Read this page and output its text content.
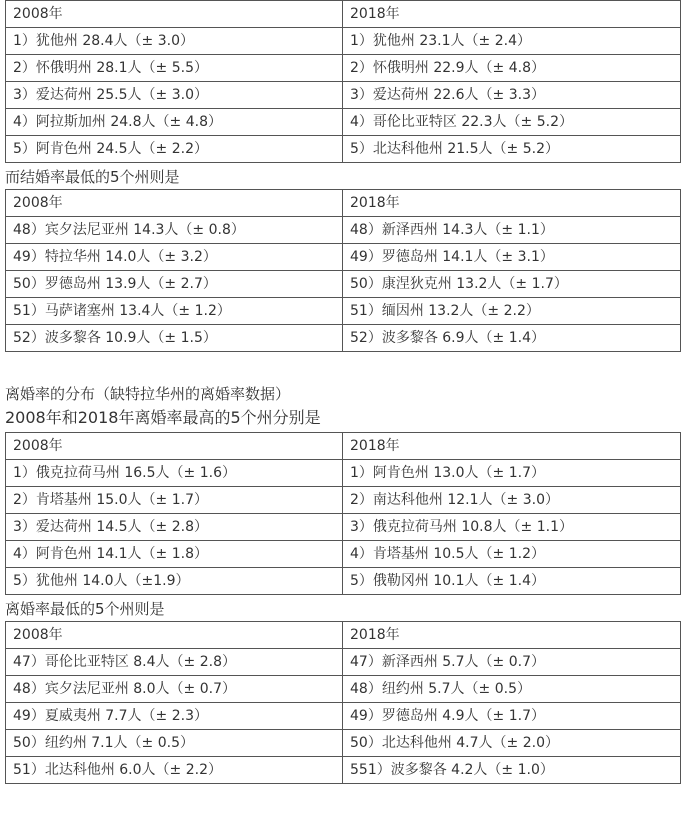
2008年	2018年
1）犹他州 28.4人（± 3.0）	1）犹他州 23.1人（± 2.4）
2）怀俄明州 28.1人（± 5.5）	2）怀俄明州 22.9人（± 4.8）
3）爱达荷州 25.5人（± 3.0）	3）爱达荷州 22.6人（± 3.3）
4）阿拉斯加州 24.8人（± 4.8）	4）哥伦比亚特区 22.3人（± 5.2）
5）阿肯色州 24.5人（± 2.2）	5）北达科他州 21.5人（± 5.2）
而结婚率最低的5个州则是
2008年	2018年
48）宾夕法尼亚州 14.3人（± 0.8）	48）新泽西州 14.3人（± 1.1）
49）特拉华州 14.0人（± 3.2）	49）罗德岛州 14.1人（± 3.1）
50）罗德岛州 13.9人（± 2.7）	50）康涅狄克州 13.2人（± 1.7）
51）马萨诸塞州 13.4人（± 1.2）	51）缅因州 13.2人（± 2.2）
52）波多黎各 10.9人（± 1.5）	52）波多黎各 6.9人（± 1.4）
离婚率的分布（缺特拉华州的离婚率数据）
2008年和2018年离婚率最高的5个州分别是
2008年	2018年
1）俄克拉荷马州 16.5人（± 1.6）	1）阿肯色州 13.0人（± 1.7）
2）肯塔基州 15.0人（± 1.7）	2）南达科他州 12.1人（± 3.0）
3）爱达荷州 14.5人（± 2.8）	3）俄克拉荷马州 10.8人（± 1.1）
4）阿肯色州 14.1人（± 1.8）	4）肯塔基州 10.5人（± 1.2）
5）犹他州 14.0人（±1.9）	5）俄勒冈州 10.1人（± 1.4）
离婚率最低的5个州则是
2008年	2018年
47）哥伦比亚特区 8.4人（± 2.8）	47）新泽西州 5.7人（± 0.7）
48）宾夕法尼亚州 8.0人（± 0.7）	48）纽约州 5.7人（± 0.5）
49）夏威夷州 7.7人（± 2.3）	49）罗德岛州 4.9人（± 1.7）
50）纽约州 7.1人（± 0.5）	50）北达科他州 4.7人（± 2.0）
51）北达科他州 6.0人（± 2.2）	551）波多黎各 4.2人（± 1.0）
